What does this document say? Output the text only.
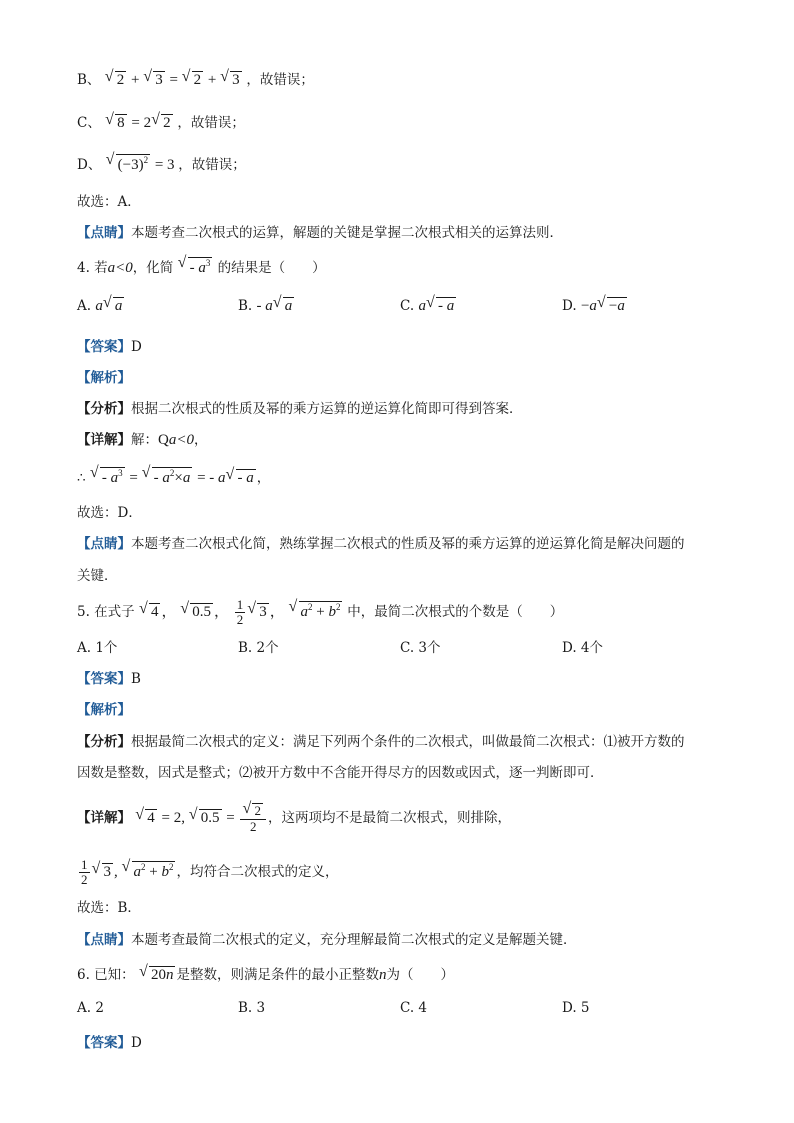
B、 √ 2 + √ 3 = √ 2 + √ 3 ，故错误；
C、 √ 8 = 2 √ 2 ，故错误；
D、 √ $(-3)^2 = 3$ ，故错误；
故选：A．
【点睛】本题考查二次根式的运算，解题的关键是掌握二次根式相关的运算法则．
4. 若a<0，化简 √ - $a^3$ 的结果是（　　）
A. a √ a	B. - a √ a	C. a √ - a	D. −a √ −a
【答案】D
【解析】
【分析】根据二次根式的性质及幂的乘方运算的逆运算化简即可得到答案．
【详解】解：Qa<0，
∴ √ - $a^3$ = √ - $a^2\times a$ = - a √ - a ，
故选：D．
【点睛】本题考查二次根式化简，熟练掌握二次根式的性质及幂的乘方运算的逆运算化简是解决问题的
关键．
5. 在式子 √ 4 ， √ 0.5 ， $\frac{1}{2}$ √ 3 ， √ $a^2 + b^2$ 中，最简二次根式的个数是（　　）
A. 1个	B. 2个	C. 3个	D. 4个
【答案】B
【解析】
【分析】根据最简二次根式的定义：满足下列两个条件的二次根式，叫做最简二次根式：⑴被开方数的
因数是整数，因式是整式；⑵被开方数中不含能开得尽方的因数或因式，逐一判断即可．
【详解】 √ 4 = 2, √ 0.5 = √ $\frac{2}{2}$ ，这两项均不是最简二次根式，则排除，
$\frac{1}{2}$ √ 3 , √ $a^2 + b^2$ ，均符合二次根式的定义，
故选：B．
【点睛】本题考查最简二次根式的定义，充分理解最简二次根式的定义是解题关键．
6. 已知： √ 20n 是整数，则满足条件的最小正整数n为（　　）
A. 2	B. 3	C. 4	D. 5
【答案】D
